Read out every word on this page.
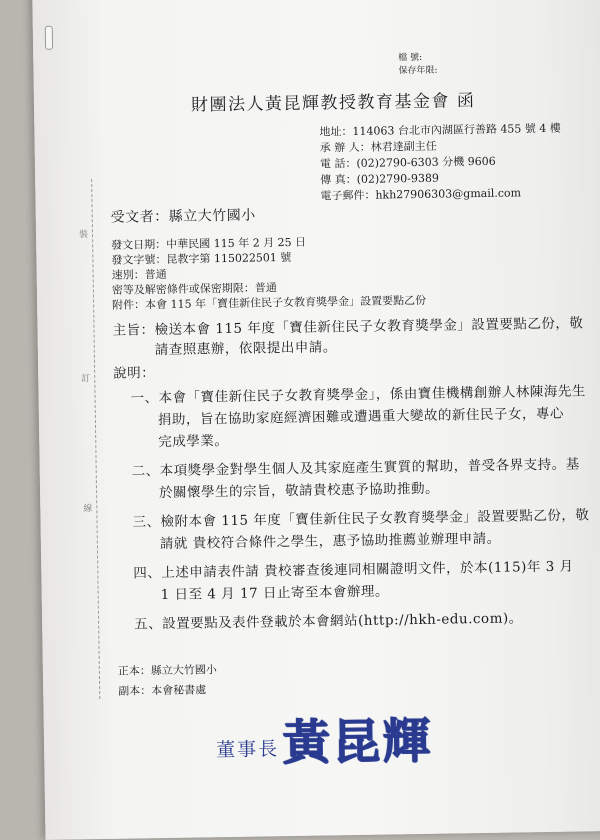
裝
訂
線
檔 號:
保存年限:
財團法人黃昆輝教授教育基金會 函
地址：114063 台北市內湖區行善路 455 號 4 樓
承 辦 人：林君達副主任
電 話：(02)2790-6303 分機 9606
傳 真：(02)2790-9389
電子郵件：hkh27906303@gmail.com
受文者：縣立大竹國小
發文日期：中華民國 115 年 2 月 25 日
發文字號：昆教字第 115022501 號
速別：普通
密等及解密條件或保密期限：普通
附件：本會 115 年「寶佳新住民子女教育獎學金」設置要點乙份
主旨：檢送本會 115 年度「寶佳新住民子女教育獎學金」設置要點乙份，敬
請查照惠辦，依限提出申請。
說明：
一、本會「寶佳新住民子女教育獎學金」，係由寶佳機構創辦人林陳海先生
捐助，旨在協助家庭經濟困難或遭遇重大變故的新住民子女，專心
完成學業。
二、本項獎學金對學生個人及其家庭產生實質的幫助，普受各界支持。基
於關懷學生的宗旨，敬請貴校惠予協助推動。
三、檢附本會 115 年度「寶佳新住民子女教育獎學金」設置要點乙份，敬
請就 貴校符合條件之學生，惠予協助推薦並辦理申請。
四、上述申請表件請 貴校審查後連同相關證明文件，於本(115)年 3 月
1 日至 4 月 17 日止寄至本會辦理。
五、設置要點及表件登載於本會網站(http://hkh-edu.com)。
正本：縣立大竹國小
副本：本會秘書處
董事長 黃昆輝
